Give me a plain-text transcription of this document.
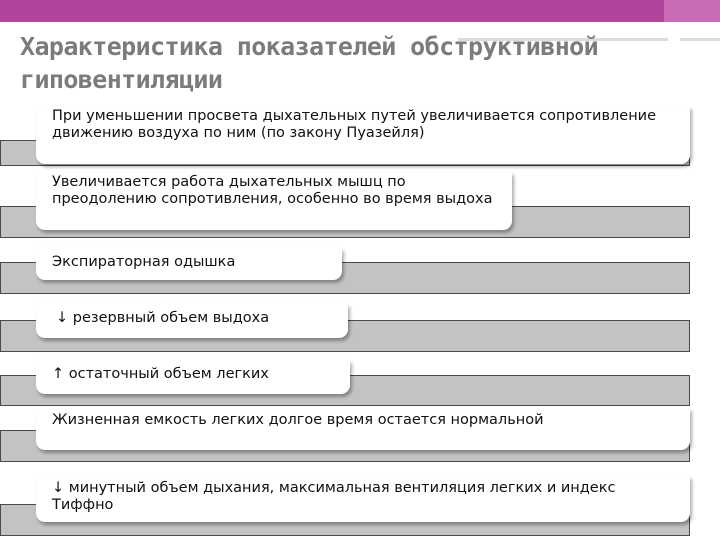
Характеристика показателей обструктивной гиповентиляции
При уменьшении просвета дыхательных путей увеличивается сопротивление движению воздуха по ним (по закону Пуазейля)
Увеличивается работа дыхательных мышц по преодолению сопротивления, особенно во время выдоха
Экспираторная одышка
↓ резервный объем выдоха
↑ остаточный объем легких
Жизненная емкость легких долгое время остается нормальной
↓ минутный объем дыхания, максимальная вентиляция легких и индекс Тиффно
